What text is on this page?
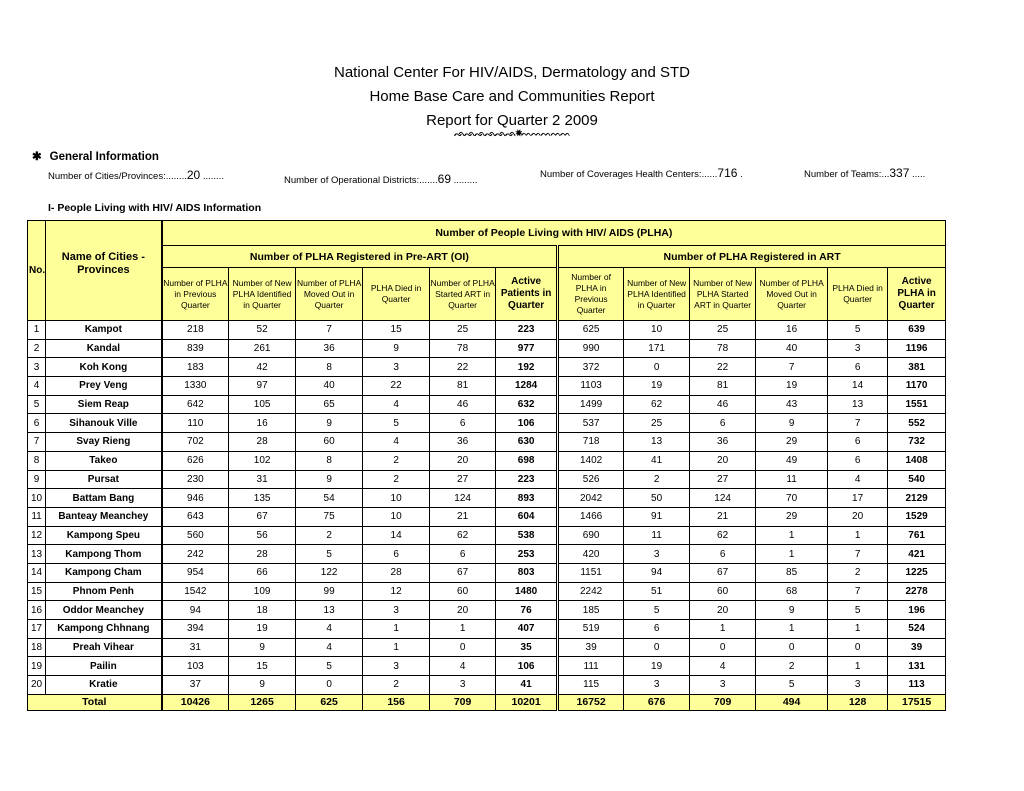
National Center For HIV/AIDS, Dermatology and STD
Home Base Care and Communities Report
Report for Quarter 2 2009
ᨒᨒᨒᨒᨒᨒ✸ᨓᨓᨓᨓᨓ
✱ General Information
Number of Cities/Provinces:........20 ........	Number of Operational Districts:.......69 .........
Number of Coverages Health Centers:......716 .	Number of Teams:...337 .....
I- People Living with HIV/ AIDS Information
No.	Name of Cities - Provinces	Number of People Living with HIV/ AIDS (PLHA)											
		Number of PLHA Registered in Pre-ART (OI)						Number of PLHA Registered in ART					
		Number of PLHA in Previous Quarter	Number of New PLHA Identified in Quarter	Number of PLHA Moved Out in Quarter	PLHA Died in Quarter	Number of PLHA Started ART in Quarter	Active Patients in Quarter	Number of PLHA in Previous Quarter	Number of New PLHA Identified in Quarter	Number of New PLHA Started ART in Quarter	Number of PLHA Moved Out in Quarter	PLHA Died in Quarter	Active PLHA in Quarter
1	Kampot	218	52	7	15	25	223	625	10	25	16	5	639
2	Kandal	839	261	36	9	78	977	990	171	78	40	3	1196
3	Koh Kong	183	42	8	3	22	192	372	0	22	7	6	381
4	Prey Veng	1330	97	40	22	81	1284	1103	19	81	19	14	1170
5	Siem Reap	642	105	65	4	46	632	1499	62	46	43	13	1551
6	Sihanouk Ville	110	16	9	5	6	106	537	25	6	9	7	552
7	Svay Rieng	702	28	60	4	36	630	718	13	36	29	6	732
8	Takeo	626	102	8	2	20	698	1402	41	20	49	6	1408
9	Pursat	230	31	9	2	27	223	526	2	27	11	4	540
10	Battam Bang	946	135	54	10	124	893	2042	50	124	70	17	2129
11	Banteay Meanchey	643	67	75	10	21	604	1466	91	21	29	20	1529
12	Kampong Speu	560	56	2	14	62	538	690	11	62	1	1	761
13	Kampong Thom	242	28	5	6	6	253	420	3	6	1	7	421
14	Kampong Cham	954	66	122	28	67	803	1151	94	67	85	2	1225
15	Phnom Penh	1542	109	99	12	60	1480	2242	51	60	68	7	2278
16	Oddor Meanchey	94	18	13	3	20	76	185	5	20	9	5	196
17	Kampong Chhnang	394	19	4	1	1	407	519	6	1	1	1	524
18	Preah Vihear	31	9	4	1	0	35	39	0	0	0	0	39
19	Pailin	103	15	5	3	4	106	111	19	4	2	1	131
20	Kratie	37	9	0	2	3	41	115	3	3	5	3	113
Total		10426	1265	625	156	709	10201	16752	676	709	494	128	17515
